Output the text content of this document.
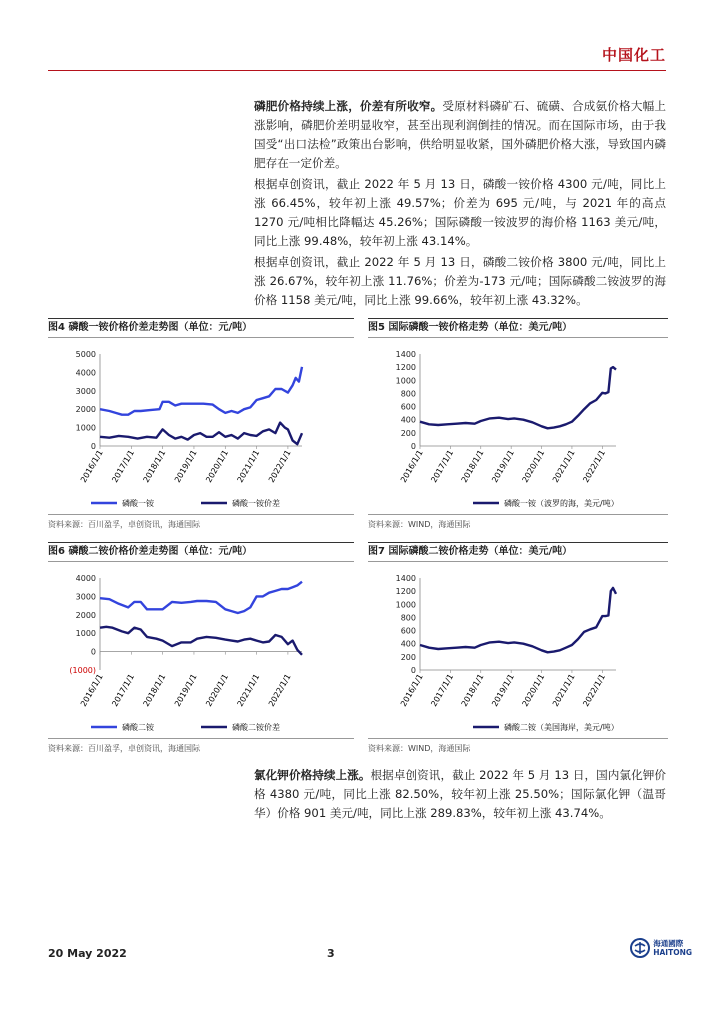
中国化工
磷肥价格持续上涨，价差有所收窄。受原材料磷矿石、硫磺、合成氨价格大幅上涨影响，磷肥价差明显收窄，甚至出现利润倒挂的情况。而在国际市场，由于我国受“出口法检”政策出台影响，供给明显收紧，国外磷肥价格大涨，导致国内磷肥存在一定价差。
根据卓创资讯，截止 2022 年 5 月 13 日，磷酸一铵价格 4300 元/吨，同比上涨 66.45%，较年初上涨 49.57%；价差为 695 元/吨，与 2021 年的高点 1270 元/吨相比降幅达 45.26%；国际磷酸一铵波罗的海价格 1163 美元/吨，同比上涨 99.48%，较年初上涨 43.14%。
根据卓创资讯，截止 2022 年 5 月 13 日，磷酸二铵价格 3800 元/吨，同比上涨 26.67%，较年初上涨 11.76%；价差为-173 元/吨；国际磷酸二铵波罗的海价格 1158 美元/吨，同比上涨 99.66%，较年初上涨 43.32%。
图4 磷酸一铵价格价差走势图（单位：元/吨）
0
1000
2000
3000
4000
5000
2016/1/1 2017/1/1 2018/1/1 2019/1/1 2020/1/1 2021/1/1 2022/1/1
磷酸一铵	磷酸一铵价差
资料来源：百川盈孚，卓创资讯，海通国际
图5 国际磷酸一铵价格走势（单位：美元/吨）
0
200
400
600
800
1000
1200
1400
2016/1/1 2017/1/1 2018/1/1 2019/1/1 2020/1/1 2021/1/1 2022/1/1
磷酸一铵（波罗的海，美元/吨）
资料来源：WIND，海通国际
图6 磷酸二铵价格价差走势图（单位：元/吨）
(1000)
0
1000
2000
3000
4000
2016/1/1 2017/1/1 2018/1/1 2019/1/1 2020/1/1 2021/1/1 2022/1/1
磷酸二铵	磷酸二铵价差
资料来源：百川盈孚，卓创资讯，海通国际
图7 国际磷酸二铵价格走势（单位：美元/吨）
0
200
400
600
800
1000
1200
1400
2016/1/1 2017/1/1 2018/1/1 2019/1/1 2020/1/1 2021/1/1 2022/1/1
磷酸二铵（美国海岸，美元/吨）
资料来源：WIND，海通国际
氯化钾价格持续上涨。根据卓创资讯，截止 2022 年 5 月 13 日，国内氯化钾价格 4380 元/吨，同比上涨 82.50%，较年初上涨 25.50%；国际氯化钾（温哥华）价格 901 美元/吨，同比上涨 289.83%，较年初上涨 43.74%。
20 May 2022	3
海通國際
HAITONG
